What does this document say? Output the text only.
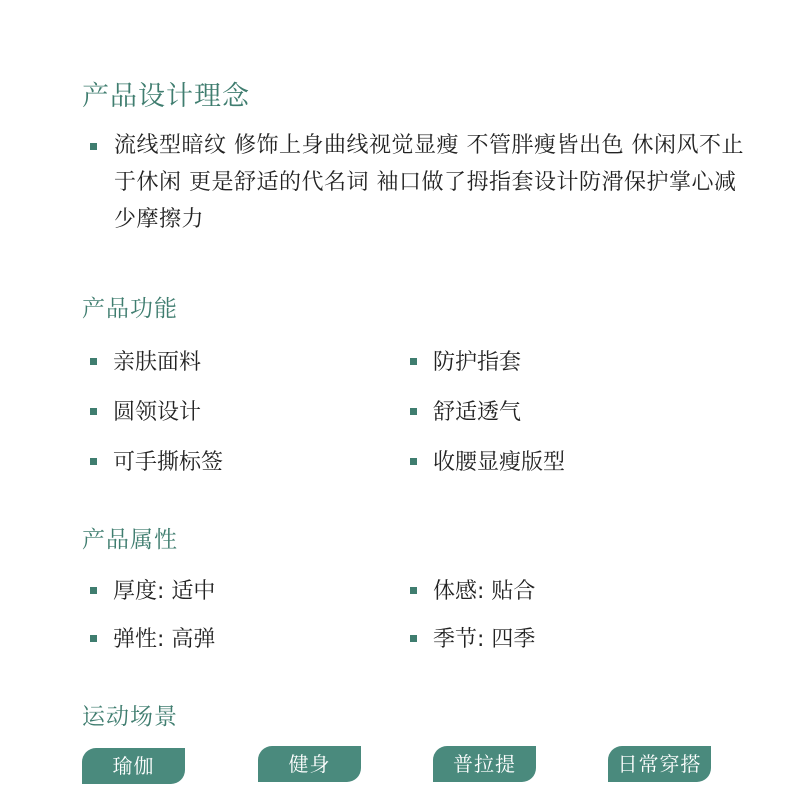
产品设计理念
流线型暗纹 修饰上身曲线视觉显瘦 不管胖瘦皆出色 休闲风不止于休闲 更是舒适的代名词 袖口做了拇指套设计防滑保护掌心减少摩擦力
产品功能
亲肤面料	防护指套
圆领设计	舒适透气
可手撕标签	收腰显瘦版型
产品属性
厚度: 适中	体感: 贴合
弹性: 高弹	季节: 四季
运动场景
瑜伽	健身	普拉提	日常穿搭
